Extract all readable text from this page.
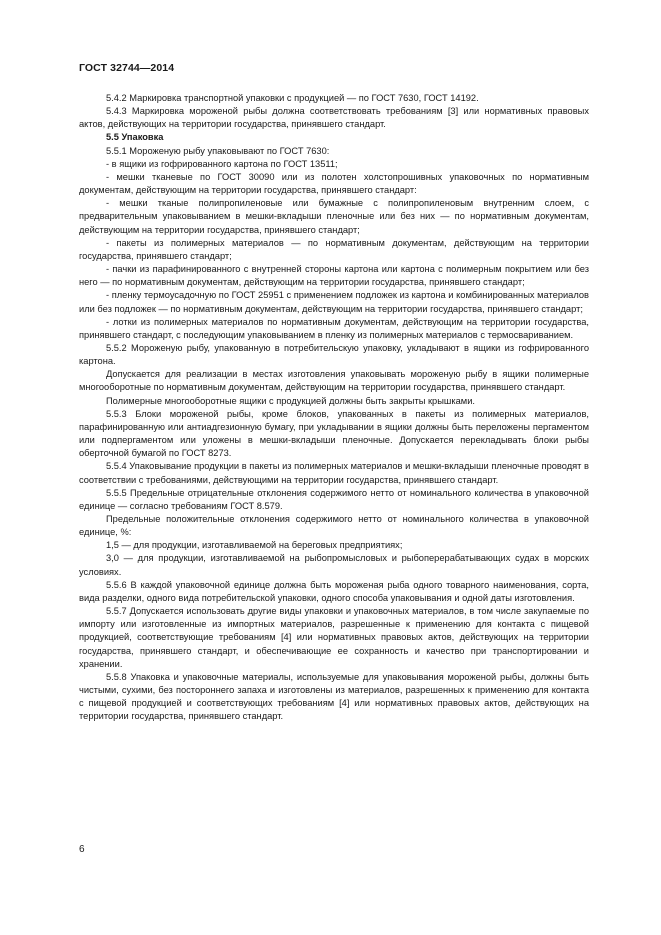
ГОСТ 32744—2014

5.4.2 Маркировка транспортной упаковки с продукцией — по ГОСТ 7630, ГОСТ 14192.

5.4.3 Маркировка мороженой рыбы должна соответствовать требованиям [3] или нормативных правовых актов, действующих на территории государства, принявшего стандарт.

5.5 Упаковка

5.5.1 Мороженую рыбу упаковывают по ГОСТ 7630:

- в ящики из гофрированного картона по ГОСТ 13511;

- мешки тканевые по ГОСТ 30090 или из полотен холстопрошивных упаковочных по нормативным документам, действующим на территории государства, принявшего стандарт:

- мешки тканые полипропиленовые или бумажные с полипропиленовым внутренним слоем, с предварительным упаковыванием в мешки-вкладыши пленочные или без них — по нормативным документам, действующим на территории государства, принявшего стандарт;

- пакеты из полимерных материалов — по нормативным документам, действующим на территории государства, принявшего стандарт;

- пачки из парафинированного с внутренней стороны картона или картона с полимерным покрытием или без него — по нормативным документам, действующим на территории государства, принявшего стандарт;

- пленку термоусадочную по ГОСТ 25951 с применением подложек из картона и комбинированных материалов или без подложек — по нормативным документам, действующим на территории государства, принявшего стандарт;

- лотки из полимерных материалов по нормативным документам, действующим на территории государства, принявшего стандарт, с последующим упаковыванием в пленку из полимерных материалов с термосвариванием.

5.5.2 Мороженую рыбу, упакованную в потребительскую упаковку, укладывают в ящики из гофрированного картона.

Допускается для реализации в местах изготовления упаковывать мороженую рыбу в ящики полимерные многооборотные по нормативным документам, действующим на территории государства, принявшего стандарт.

Полимерные многооборотные ящики с продукцией должны быть закрыты крышками.

5.5.3 Блоки мороженой рыбы, кроме блоков, упакованных в пакеты из полимерных материалов, парафинированную или антиадгезионную бумагу, при укладывании в ящики должны быть переложены пергаментом или подпергаментом или уложены в мешки-вкладыши пленочные. Допускается перекладывать блоки рыбы оберточной бумагой по ГОСТ 8273.

5.5.4 Упаковывание продукции в пакеты из полимерных материалов и мешки-вкладыши пленочные проводят в соответствии с требованиями, действующими на территории государства, принявшего стандарт.

5.5.5 Предельные отрицательные отклонения содержимого нетто от номинального количества в упаковочной единице — согласно требованиям ГОСТ 8.579.

Предельные положительные отклонения содержимого нетто от номинального количества в упаковочной единице, %:

1,5 — для продукции, изготавливаемой на береговых предприятиях;

3,0 — для продукции, изготавливаемой на рыбопромысловых и рыбоперерабатывающих судах в морских условиях.

5.5.6 В каждой упаковочной единице должна быть мороженая рыба одного товарного наименования, сорта, вида разделки, одного вида потребительской упаковки, одного способа упаковывания и одной даты изготовления.

5.5.7 Допускается использовать другие виды упаковки и упаковочных материалов, в том числе закупаемые по импорту или изготовленные из импортных материалов, разрешенные к применению для контакта с пищевой продукцией, соответствующие требованиям [4] или нормативных правовых актов, действующих на территории государства, принявшего стандарт, и обеспечивающие ее сохранность и качество при транспортировании и хранении.

5.5.8 Упаковка и упаковочные материалы, используемые для упаковывания мороженой рыбы, должны быть чистыми, сухими, без постороннего запаха и изготовлены из материалов, разрешенных к применению для контакта с пищевой продукцией и соответствующих требованиям [4] или нормативных правовых актов, действующих на территории государства, принявшего стандарт.

6
